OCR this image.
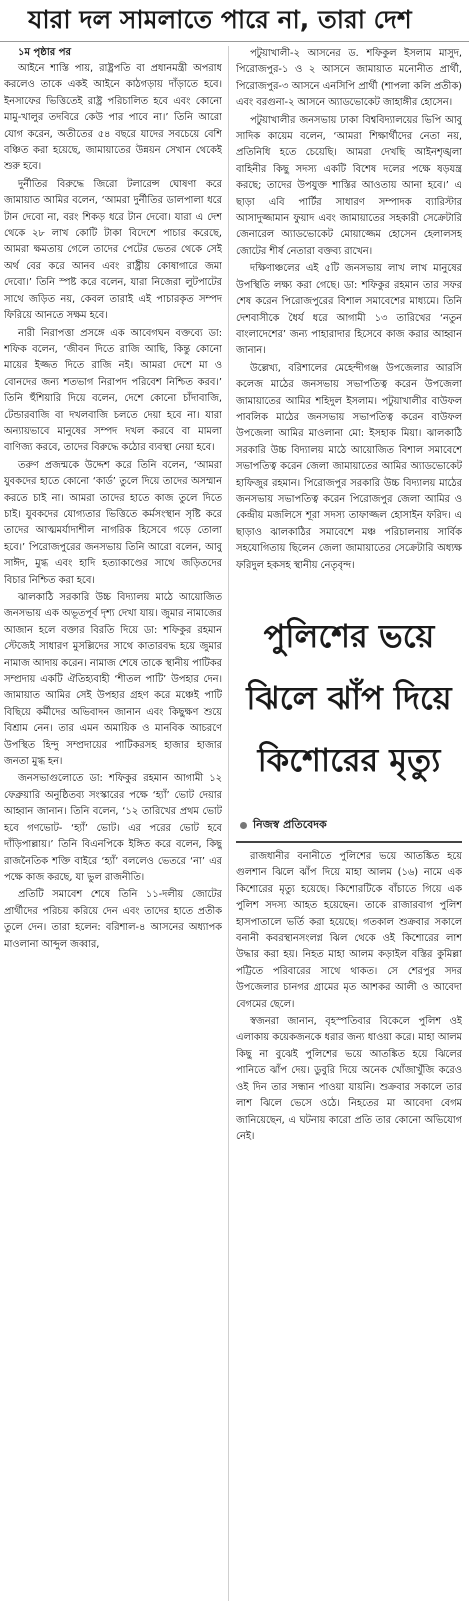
যারা দল সামলাতে পারে না, তারা দেশ
১ম পৃষ্ঠার পর

আইনে শাস্তি পায়, রাষ্ট্রপতি বা প্রধানমন্ত্রী অপরাধ করলেও তাকে একই আইনে কাঠগড়ায় দাঁড়াতে হবে। ইনসাফের ভিত্তিতেই রাষ্ট্র পরিচালিত হবে এবং কোনো মামু-খালুর তদবিরে কেউ পার পাবে না।’ তিনি আরো যোগ করেন, অতীতের ৫৪ বছরে যাদের সবচেয়ে বেশি বঞ্চিত করা হয়েছে, জামায়াতের উন্নয়ন সেখান থেকেই শুরু হবে।

দুর্নীতির বিরুদ্ধে জিরো টলারেন্স ঘোষণা করে জামায়াত আমির বলেন, ‘আমরা দুর্নীতির ডালপালা ধরে টান দেবো না, বরং শিকড় ধরে টান দেবো। যারা এ দেশ থেকে ২৮ লাখ কোটি টাকা বিদেশে পাচার করেছে, আমরা ক্ষমতায় গেলে তাদের পেটের ভেতর থেকে সেই অর্থ বের করে আনব এবং রাষ্ট্রীয় কোষাগারে জমা দেবো।’ তিনি স্পষ্ট করে বলেন, যারা নিজেরা লুটপাটের সাথে জড়িত নয়, কেবল তারাই এই পাচারকৃত সম্পদ ফিরিয়ে আনতে সক্ষম হবে।

নারী নিরাপত্তা প্রসঙ্গে এক আবেগঘন বক্তব্যে ডা: শফিক বলেন, ‘জীবন দিতে রাজি আছি, কিন্তু কোনো মায়ের ইজ্জত দিতে রাজি নই। আমরা দেশে মা ও বোনদের জন্য শতভাগ নিরাপদ পরিবেশ নিশ্চিত করব।’ তিনি হুঁশিয়ারি দিয়ে বলেন, দেশে কোনো চাঁদাবাজি, টেন্ডারবাজি বা দখলবাজি চলতে দেয়া হবে না। যারা অন্যায়ভাবে মানুষের সম্পদ দখল করবে বা মামলা বাণিজ্য করবে, তাদের বিরুদ্ধে কঠোর ব্যবস্থা নেয়া হবে।

তরুণ প্রজন্মকে উদ্দেশ করে তিনি বলেন, ‘আমরা যুবকদের হাতে কোনো ‘কার্ড’ তুলে দিয়ে তাদের অসম্মান করতে চাই না। আমরা তাদের হাতে কাজ তুলে দিতে চাই। যুবকদের যোগ্যতার ভিত্তিতে কর্মসংস্থান সৃষ্টি করে তাদের আত্মমর্যাদাশীল নাগরিক হিসেবে গড়ে তোলা হবে।’ পিরোজপুরের জনসভায় তিনি আরো বলেন, আবু সাঈদ, মুগ্ধ এবং হাদি হত্যাকাণ্ডের সাথে জড়িতদের বিচার নিশ্চিত করা হবে।

ঝালকাঠি সরকারি উচ্চ বিদ্যালয় মাঠে আয়োজিত জনসভায় এক অভূতপূর্ব দৃশ্য দেখা যায়। জুমার নামাজের আজান হলে বক্তার বিরতি দিয়ে ডা: শফিকুর রহমান স্টেজেই সাধারণ মুসল্লিদের সাথে কাতারবদ্ধ হয়ে জুমার নামাজ আদায় করেন। নামাজ শেষে তাকে স্থানীয় পাটিকর সম্প্রদায় একটি ঐতিহ্যবাহী ‘শীতল পাটি’ উপহার দেন। জামায়াত আমির সেই উপহার গ্রহণ করে মঞ্চেই পাটি বিছিয়ে কর্মীদের অভিবাদন জানান এবং কিছুক্ষণ শুয়ে বিশ্রাম নেন। তার এমন অমায়িক ও মানবিক আচরণে উপস্থিত হিন্দু সম্প্রদায়ের পাটিকরসহ হাজার হাজার জনতা মুগ্ধ হন।

জনসভাগুলোতে ডা: শফিকুর রহমান আগামী ১২ ফেব্রুয়ারি অনুষ্ঠিতব্য সংস্কারের পক্ষে ‘হ্যাঁ’ ভোট দেয়ার আহ্বান জানান। তিনি বলেন, ‘১২ তারিখের প্রথম ভোট হবে গণভোট- ‘হ্যাঁ’ ভোট। এর পরের ভোট হবে দাঁড়িপাল্লায়।’ তিনি বিএনপিকে ইঙ্গিত করে বলেন, কিছু রাজনৈতিক শক্তি বাইরে ‘হ্যাঁ’ বললেও ভেতরে ‘না’ এর পক্ষে কাজ করছে, যা ভুল রাজনীতি।

প্রতিটি সমাবেশ শেষে তিনি ১১-দলীয় জোটের প্রার্থীদের পরিচয় করিয়ে দেন এবং তাদের হাতে প্রতীক তুলে দেন। তারা হলেন: বরিশাল-৪ আসনের অধ্যাপক মাওলানা আব্দুল জব্বার,

পটুয়াখালী-২ আসনের ড. শফিকুল ইসলাম মাসুদ, পিরোজপুর-১ ও ২ আসনে জামায়াত মনোনীত প্রার্থী, পিরোজপুর-৩ আসনে এনসিপি প্রার্থী (শাপলা কলি প্রতীক) এবং বরগুনা-২ আসনে অ্যাডভোকেট জাহাঙ্গীর হোসেন।

পটুয়াখালীর জনসভায় ঢাকা বিশ্ববিদ্যালয়ের ভিপি আবু সাদিক কায়েম বলেন, ‘আমরা শিক্ষার্থীদের নেতা নয়, প্রতিনিধি হতে চেয়েছি। আমরা দেখছি আইনশৃঙ্খলা বাহিনীর কিছু সদস্য একটি বিশেষ দলের পক্ষে ষড়যন্ত্র করছে; তাদের উপযুক্ত শাস্তির আওতায় আনা হবে।’ এ ছাড়া এবি পার্টির সাধারণ সম্পাদক ব্যারিস্টার আসাদুজ্জামান ফুয়াদ এবং জামায়াতের সহকারী সেক্রেটারি জেনারেল অ্যাডভোকেট মোয়াজ্জেম হোসেন হেলালসহ জোটের শীর্ষ নেতারা বক্তব্য রাখেন।

দক্ষিণাঞ্চলের এই ৫টি জনসভায় লাখ লাখ মানুষের উপস্থিতি লক্ষ্য করা গেছে। ডা: শফিকুর রহমান তার সফর শেষ করেন পিরোজপুরের বিশাল সমাবেশের মাধ্যমে। তিনি দেশবাসীকে ধৈর্য ধরে আগামী ১৩ তারিখের ‘নতুন বাংলাদেশের’ জন্য পাহারাদার হিসেবে কাজ করার আহ্বান জানান।

উল্লেখ্য, বরিশালের মেহেন্দীগঞ্জ উপজেলার আরসি কলেজ মাঠের জনসভায় সভাপতিত্ব করেন উপজেলা জামায়াতের আমির শহিদুল ইসলাম। পটুয়াখালীর বাউফল পাবলিক মাঠের জনসভায় সভাপতিত্ব করেন বাউফল উপজেলা আমির মাওলানা মো: ইসহাক মিয়া। ঝালকাঠি সরকারি উচ্চ বিদ্যালয় মাঠে আয়োজিত বিশাল সমাবেশে সভাপতিত্ব করেন জেলা জামায়াতের আমির অ্যাডভোকেট হাফিজুর রহমান। পিরোজপুর সরকারি উচ্চ বিদ্যালয় মাঠের জনসভায় সভাপতিত্ব করেন পিরোজপুর জেলা আমির ও কেন্দ্রীয় মজলিসে শূরা সদস্য তাফাজ্জল হোসাইন ফরিদ। এ ছাড়াও ঝালকাঠির সমাবেশে মঞ্চ পরিচালনায় সার্বিক সহযোগিতায় ছিলেন জেলা জামায়াতের সেক্রেটারি অধ্যক্ষ ফরিদুল হকসহ স্থানীয় নেতৃবৃন্দ।

পুলিশের ভয়ে ঝিলে ঝাঁপ দিয়ে কিশোরের মৃত্যু
নিজস্ব প্রতিবেদক

রাজধানীর বনানীতে পুলিশের ভয়ে আতঙ্কিত হয়ে গুলশান ঝিলে ঝাঁপ দিয়ে মাহা আলম (১৬) নামে এক কিশোরের মৃত্যু হয়েছে। কিশোরটিকে বাঁচাতে গিয়ে এক পুলিশ সদস্য আহত হয়েছেন। তাকে রাজারবাগ পুলিশ হাসপাতালে ভর্তি করা হয়েছে। গতকাল শুক্রবার সকালে বনানী কবরস্থানসংলগ্ন ঝিল থেকে ওই কিশোরের লাশ উদ্ধার করা হয়। নিহত মাহা আলম কড়াইল বস্তির কুমিল্লা পট্টিতে পরিবারের সাথে থাকত। সে শেরপুর সদর উপজেলার চানগর গ্রামের মৃত আশকর আলী ও আবেদা বেগমের ছেলে।

স্বজনরা জানান, বৃহস্পতিবার বিকেলে পুলিশ ওই এলাকায় কয়েকজনকে ধরার জন্য ধাওয়া করে। মাহা আলম কিছু না বুঝেই পুলিশের ভয়ে আতঙ্কিত হয়ে ঝিলের পানিতে ঝাঁপ দেয়। ডুবুরি দিয়ে অনেক খোঁজাখুঁজি করেও ওই দিন তার সন্ধান পাওয়া যায়নি। শুক্রবার সকালে তার লাশ ঝিলে ভেসে ওঠে। নিহতের মা আবেদা বেগম জানিয়েছেন, এ ঘটনায় কারো প্রতি তার কোনো অভিযোগ নেই।
